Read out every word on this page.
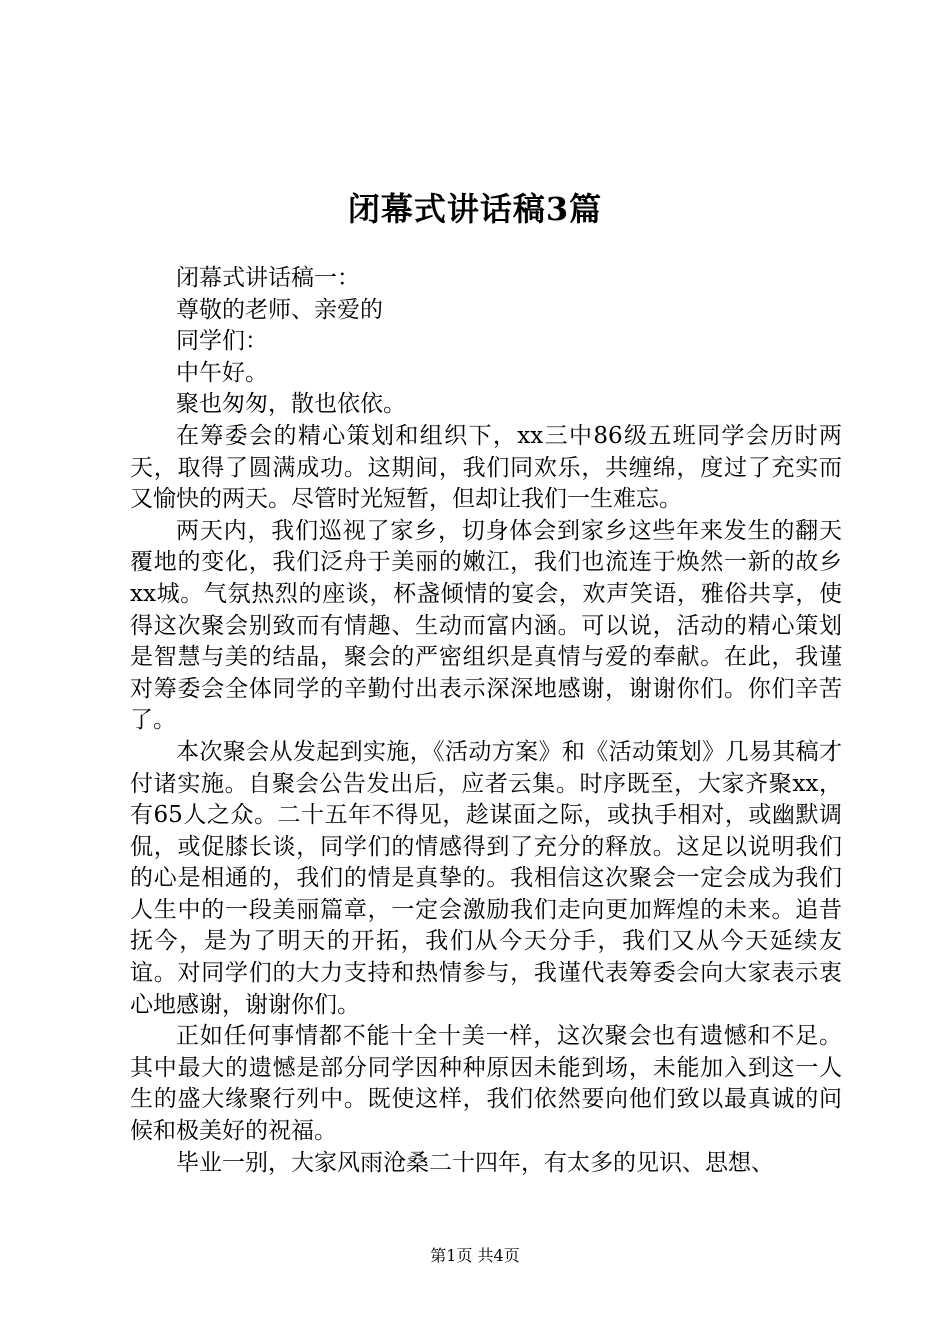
闭幕式讲话稿3篇

闭幕式讲话稿一：

尊敬的老师、亲爱的

同学们：

中午好。

聚也匆匆，散也依依。

在筹委会的精心策划和组织下，xx三中86级五班同学会历时两天，取得了圆满成功。这期间，我们同欢乐，共缠绵，度过了充实而又愉快的两天。尽管时光短暂，但却让我们一生难忘。

两天内，我们巡视了家乡，切身体会到家乡这些年来发生的翻天覆地的变化，我们泛舟于美丽的嫩江，我们也流连于焕然一新的故乡xx城。气氛热烈的座谈，杯盏倾情的宴会，欢声笑语，雅俗共享，使得这次聚会别致而有情趣、生动而富内涵。可以说，活动的精心策划是智慧与美的结晶，聚会的严密组织是真情与爱的奉献。在此，我谨对筹委会全体同学的辛勤付出表示深深地感谢，谢谢你们。你们辛苦了。

本次聚会从发起到实施，《活动方案》和《活动策划》几易其稿才付诸实施。自聚会公告发出后，应者云集。时序既至，大家齐聚xx，有65人之众。二十五年不得见，趁谋面之际，或执手相对，或幽默调侃，或促膝长谈，同学们的情感得到了充分的释放。这足以说明我们的心是相通的，我们的情是真挚的。我相信这次聚会一定会成为我们人生中的一段美丽篇章，一定会激励我们走向更加辉煌的未来。追昔抚今，是为了明天的开拓，我们从今天分手，我们又从今天延续友谊。对同学们的大力支持和热情参与，我谨代表筹委会向大家表示衷心地感谢，谢谢你们。

正如任何事情都不能十全十美一样，这次聚会也有遗憾和不足。其中最大的遗憾是部分同学因种种原因未能到场，未能加入到这一人生的盛大缘聚行列中。既使这样，我们依然要向他们致以最真诚的问候和极美好的祝福。

毕业一别，大家风雨沧桑二十四年，有太多的见识、思想、

第1页 共4页
